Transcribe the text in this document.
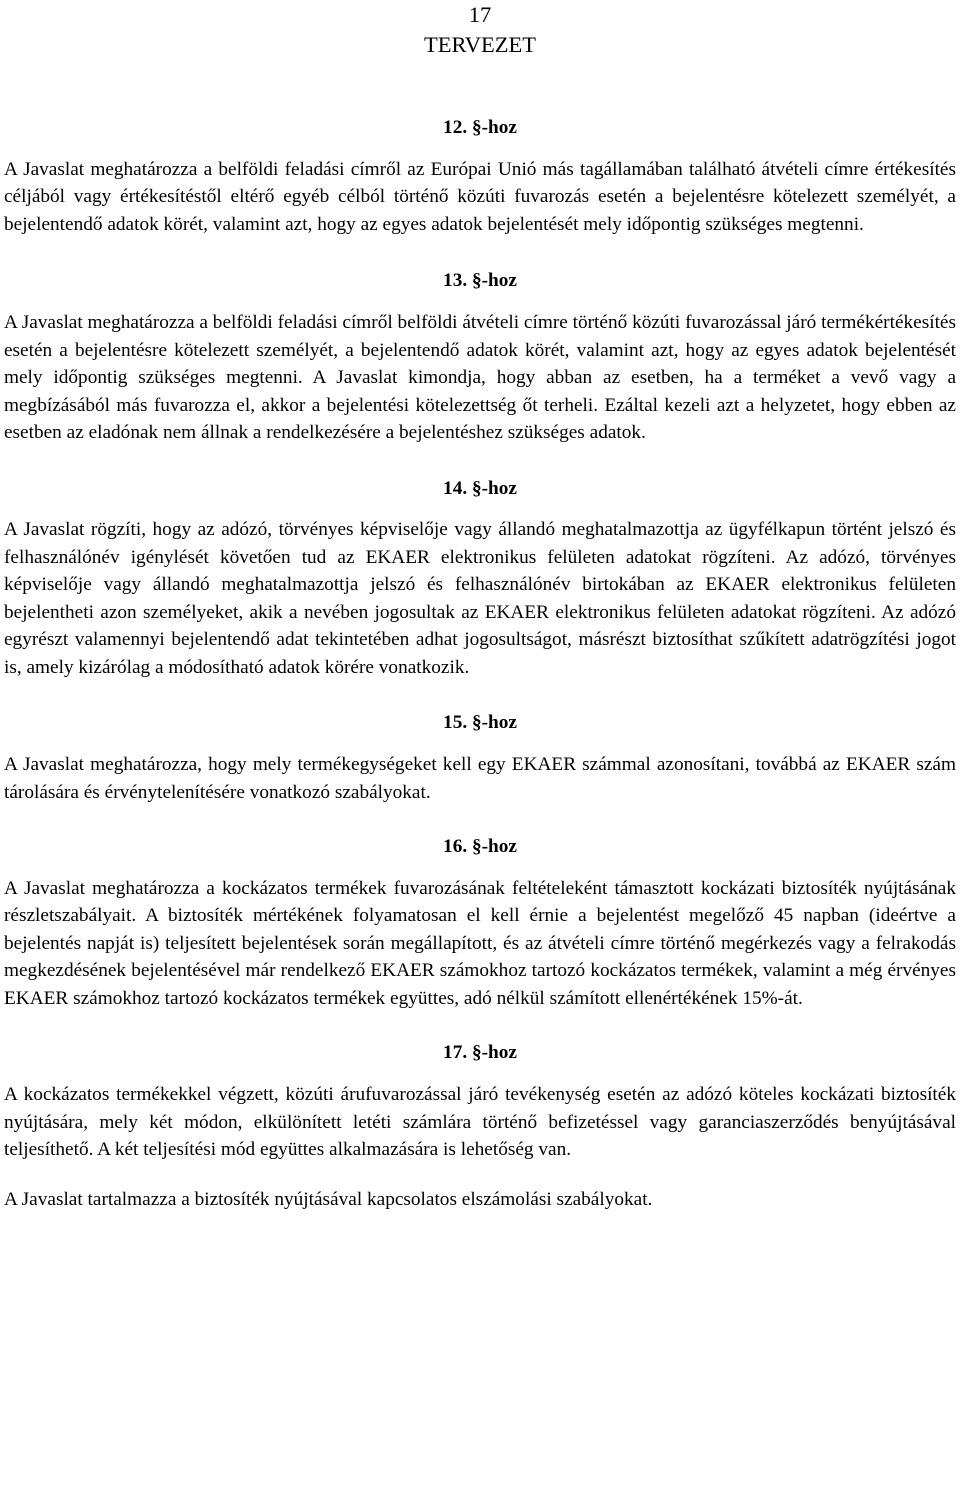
17
TERVEZET
12. §-hoz

A Javaslat meghatározza a belföldi feladási címről az Európai Unió más tagállamában található átvételi címre értékesítés céljából vagy értékesítéstől eltérő egyéb célból történő közúti fuvarozás esetén a bejelentésre kötelezett személyét, a bejelentendő adatok körét, valamint azt, hogy az egyes adatok bejelentését mely időpontig szükséges megtenni.

13. §-hoz

A Javaslat meghatározza a belföldi feladási címről belföldi átvételi címre történő közúti fuvarozással járó termékértékesítés esetén a bejelentésre kötelezett személyét, a bejelentendő adatok körét, valamint azt, hogy az egyes adatok bejelentését mely időpontig szükséges megtenni. A Javaslat kimondja, hogy abban az esetben, ha a terméket a vevő vagy a megbízásából más fuvarozza el, akkor a bejelentési kötelezettség őt terheli. Ezáltal kezeli azt a helyzetet, hogy ebben az esetben az eladónak nem állnak a rendelkezésére a bejelentéshez szükséges adatok.

14. §-hoz

A Javaslat rögzíti, hogy az adózó, törvényes képviselője vagy állandó meghatalmazottja az ügyfélkapun történt jelszó és felhasználónév igénylését követően tud az EKAER elektronikus felületen adatokat rögzíteni. Az adózó, törvényes képviselője vagy állandó meghatalmazottja jelszó és felhasználónév birtokában az EKAER elektronikus felületen bejelentheti azon személyeket, akik a nevében jogosultak az EKAER elektronikus felületen adatokat rögzíteni. Az adózó egyrészt valamennyi bejelentendő adat tekintetében adhat jogosultságot, másrészt biztosíthat szűkített adatrögzítési jogot is, amely kizárólag a módosítható adatok körére vonatkozik.

15. §-hoz

A Javaslat meghatározza, hogy mely termékegységeket kell egy EKAER számmal azonosítani, továbbá az EKAER szám tárolására és érvénytelenítésére vonatkozó szabályokat.

16. §-hoz

A Javaslat meghatározza a kockázatos termékek fuvarozásának feltételeként támasztott kockázati biztosíték nyújtásának részletszabályait. A biztosíték mértékének folyamatosan el kell érnie a bejelentést megelőző 45 napban (ideértve a bejelentés napját is) teljesített bejelentések során megállapított, és az átvételi címre történő megérkezés vagy a felrakodás megkezdésének bejelentésével már rendelkező EKAER számokhoz tartozó kockázatos termékek, valamint a még érvényes EKAER számokhoz tartozó kockázatos termékek együttes, adó nélkül számított ellenértékének 15%-át.

17. §-hoz

A kockázatos termékekkel végzett, közúti árufuvarozással járó tevékenység esetén az adózó köteles kockázati biztosíték nyújtására, mely két módon, elkülönített letéti számlára történő befizetéssel vagy garanciaszerződés benyújtásával teljesíthető. A két teljesítési mód együttes alkalmazására is lehetőség van.

A Javaslat tartalmazza a biztosíték nyújtásával kapcsolatos elszámolási szabályokat.
